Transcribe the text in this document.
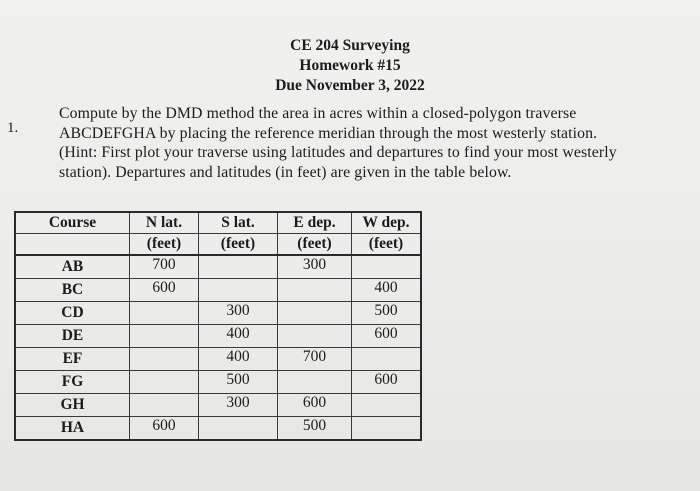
CE 204 Surveying
Homework #15
Due November 3, 2022
1.
Compute by the DMD method the area in acres within a closed-polygon traverse
ABCDEFGHA by placing the reference meridian through the most westerly station.
(Hint: First plot your traverse using latitudes and departures to find your most westerly
station). Departures and latitudes (in feet) are given in the table below.
Course	N lat.	S lat.	E dep.	W dep.
	(feet)	(feet)	(feet)	(feet)
AB	700		300	
BC	600			400
CD		300		500
DE		400		600
EF		400	700	
FG		500		600
GH		300	600	
HA	600		500	
